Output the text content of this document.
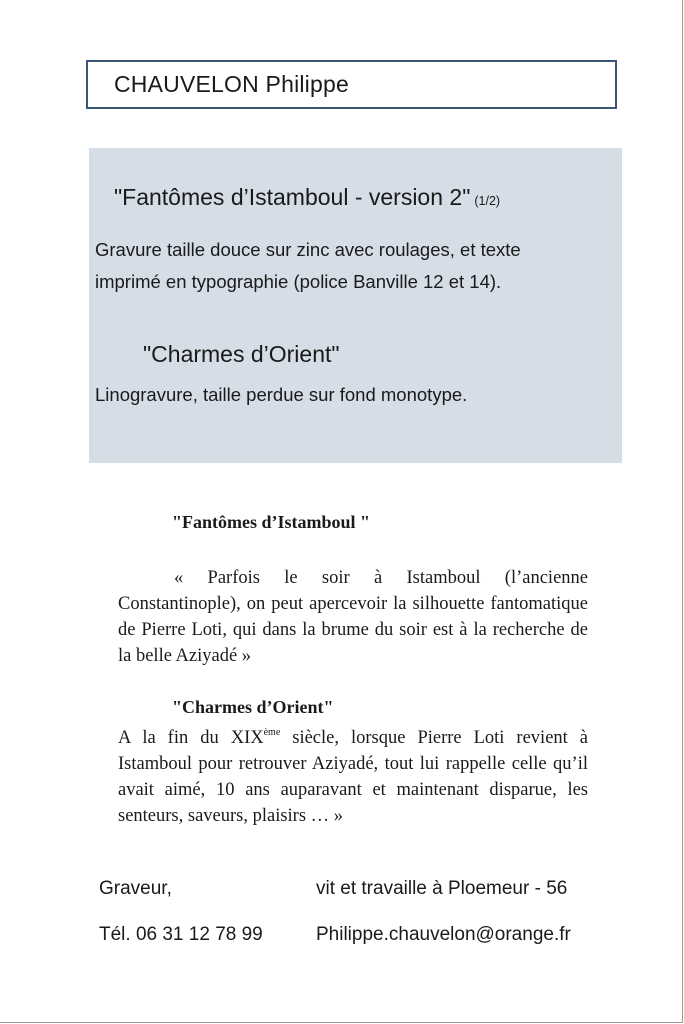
CHAUVELON Philippe
"Fantômes d’Istamboul - version 2" (1/2)
Gravure taille douce sur zinc avec roulages, et texte
imprimé en typographie (police Banville 12 et 14).
"Charmes d’Orient"
Linogravure, taille perdue sur fond monotype.
"Fantômes d’Istamboul "
« Parfois le soir à Istamboul (l’ancienne Constantinople), on peut apercevoir la silhouette fantomatique de Pierre Loti, qui dans la brume du soir est à la recherche de la belle Aziyadé »
"Charmes d’Orient"
A la fin du XIXème siècle, lorsque Pierre Loti revient à Istamboul pour retrouver Aziyadé, tout lui rappelle celle qu’il avait aimé, 10 ans auparavant et maintenant disparue, les senteurs, saveurs, plaisirs … »
Graveur,	vit et travaille à Ploemeur - 56
Tél. 06 31 12 78 99	Philippe.chauvelon@orange.fr
